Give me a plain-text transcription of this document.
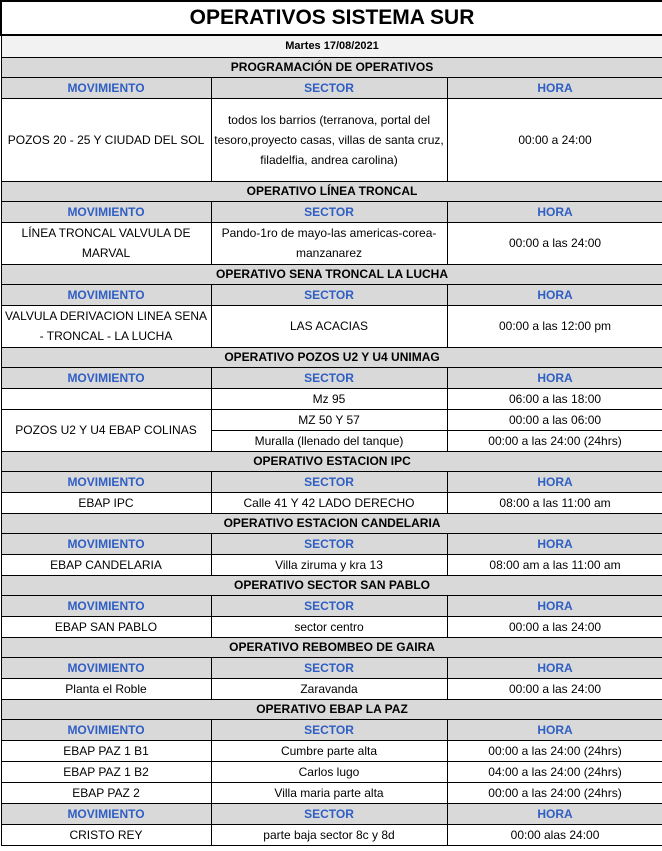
OPERATIVOS SISTEMA SUR		
Martes 17/08/2021		
PROGRAMACIÓN DE OPERATIVOS		
MOVIMIENTO	SECTOR	HORA
POZOS 20 - 25 Y CIUDAD DEL SOL	todos los barrios (terranova, portal del tesoro,proyecto casas, villas de santa cruz, filadelfia, andrea carolina)	00:00 a 24:00
OPERATIVO LÍNEA TRONCAL		
MOVIMIENTO	SECTOR	HORA
LÍNEA TRONCAL VALVULA DE MARVAL	Pando-1ro de mayo-las americas-corea-manzanarez	00:00 a las 24:00
OPERATIVO SENA TRONCAL LA LUCHA		
MOVIMIENTO	SECTOR	HORA
VALVULA DERIVACION LINEA SENA - TRONCAL - LA LUCHA	LAS ACACIAS	00:00 a las 12:00 pm
OPERATIVO POZOS U2 Y U4 UNIMAG		
MOVIMIENTO	SECTOR	HORA
	Mz 95	06:00 a las 18:00
POZOS U2 Y U4 EBAP COLINAS	MZ 50 Y 57	00:00 a las 06:00
	Muralla (llenado del tanque)	00:00 a las 24:00 (24hrs)
OPERATIVO ESTACION IPC		
MOVIMIENTO	SECTOR	HORA
EBAP IPC	Calle 41 Y 42 LADO DERECHO	08:00 a las 11:00 am
OPERATIVO ESTACION CANDELARIA		
MOVIMIENTO	SECTOR	HORA
EBAP CANDELARIA	Villa ziruma y kra 13	08:00 am a las 11:00 am
OPERATIVO SECTOR SAN PABLO		
MOVIMIENTO	SECTOR	HORA
EBAP SAN PABLO	sector centro	00:00 a las 24:00
OPERATIVO REBOMBEO DE GAIRA		
MOVIMIENTO	SECTOR	HORA
Planta el Roble	Zaravanda	00:00 a las 24:00
OPERATIVO EBAP LA PAZ		
MOVIMIENTO	SECTOR	HORA
EBAP PAZ 1 B1	Cumbre parte alta	00:00 a las 24:00 (24hrs)
EBAP PAZ 1 B2	Carlos lugo	04:00 a las 24:00 (24hrs)
EBAP PAZ 2	Villa maria parte alta	00:00 a las 24:00 (24hrs)
MOVIMIENTO	SECTOR	HORA
CRISTO REY	parte baja sector 8c y 8d	00:00 alas 24:00
